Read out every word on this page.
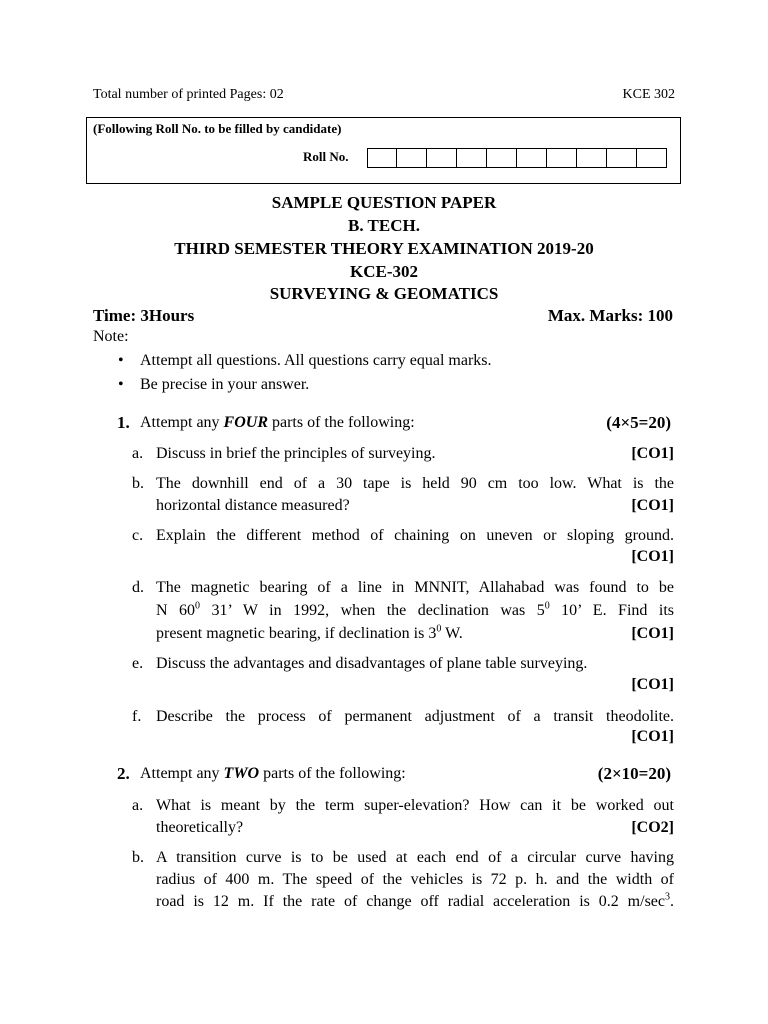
Total number of printed Pages: 02	KCE 302
(Following Roll No. to be filled by candidate)
Roll No.
SAMPLE QUESTION PAPER
B. TECH.
THIRD SEMESTER THEORY EXAMINATION 2019-20
KCE-302
SURVEYING & GEOMATICS
Time: 3Hours	Max. Marks: 100
Note:
• Attempt all questions. All questions carry equal marks.
• Be precise in your answer.
1. Attempt any FOUR parts of the following:	(4×5=20)
a. Discuss in brief the principles of surveying.	[CO1]
b. The downhill end of a 30 tape is held 90 cm too low. What is the
horizontal distance measured?	[CO1]
c. Explain the different method of chaining on uneven or sloping ground.
[CO1]
d. The magnetic bearing of a line in MNNIT, Allahabad was found to be
N $60^0$ 31’ W in 1992, when the declination was $5^0$ 10’ E. Find its
present magnetic bearing, if declination is $3^0$ W.	[CO1]
e. Discuss the advantages and disadvantages of plane table surveying.
[CO1]
f. Describe the process of permanent adjustment of a transit theodolite.
[CO1]
2. Attempt any TWO parts of the following:	(2×10=20)
a. What is meant by the term super-elevation? How can it be worked out
theoretically?	[CO2]
b. A transition curve is to be used at each end of a circular curve having
radius of 400 m. The speed of the vehicles is 72 p. h. and the width of
road is 12 m. If the rate of change off radial acceleration is 0.2 $m/\sec^3$.
